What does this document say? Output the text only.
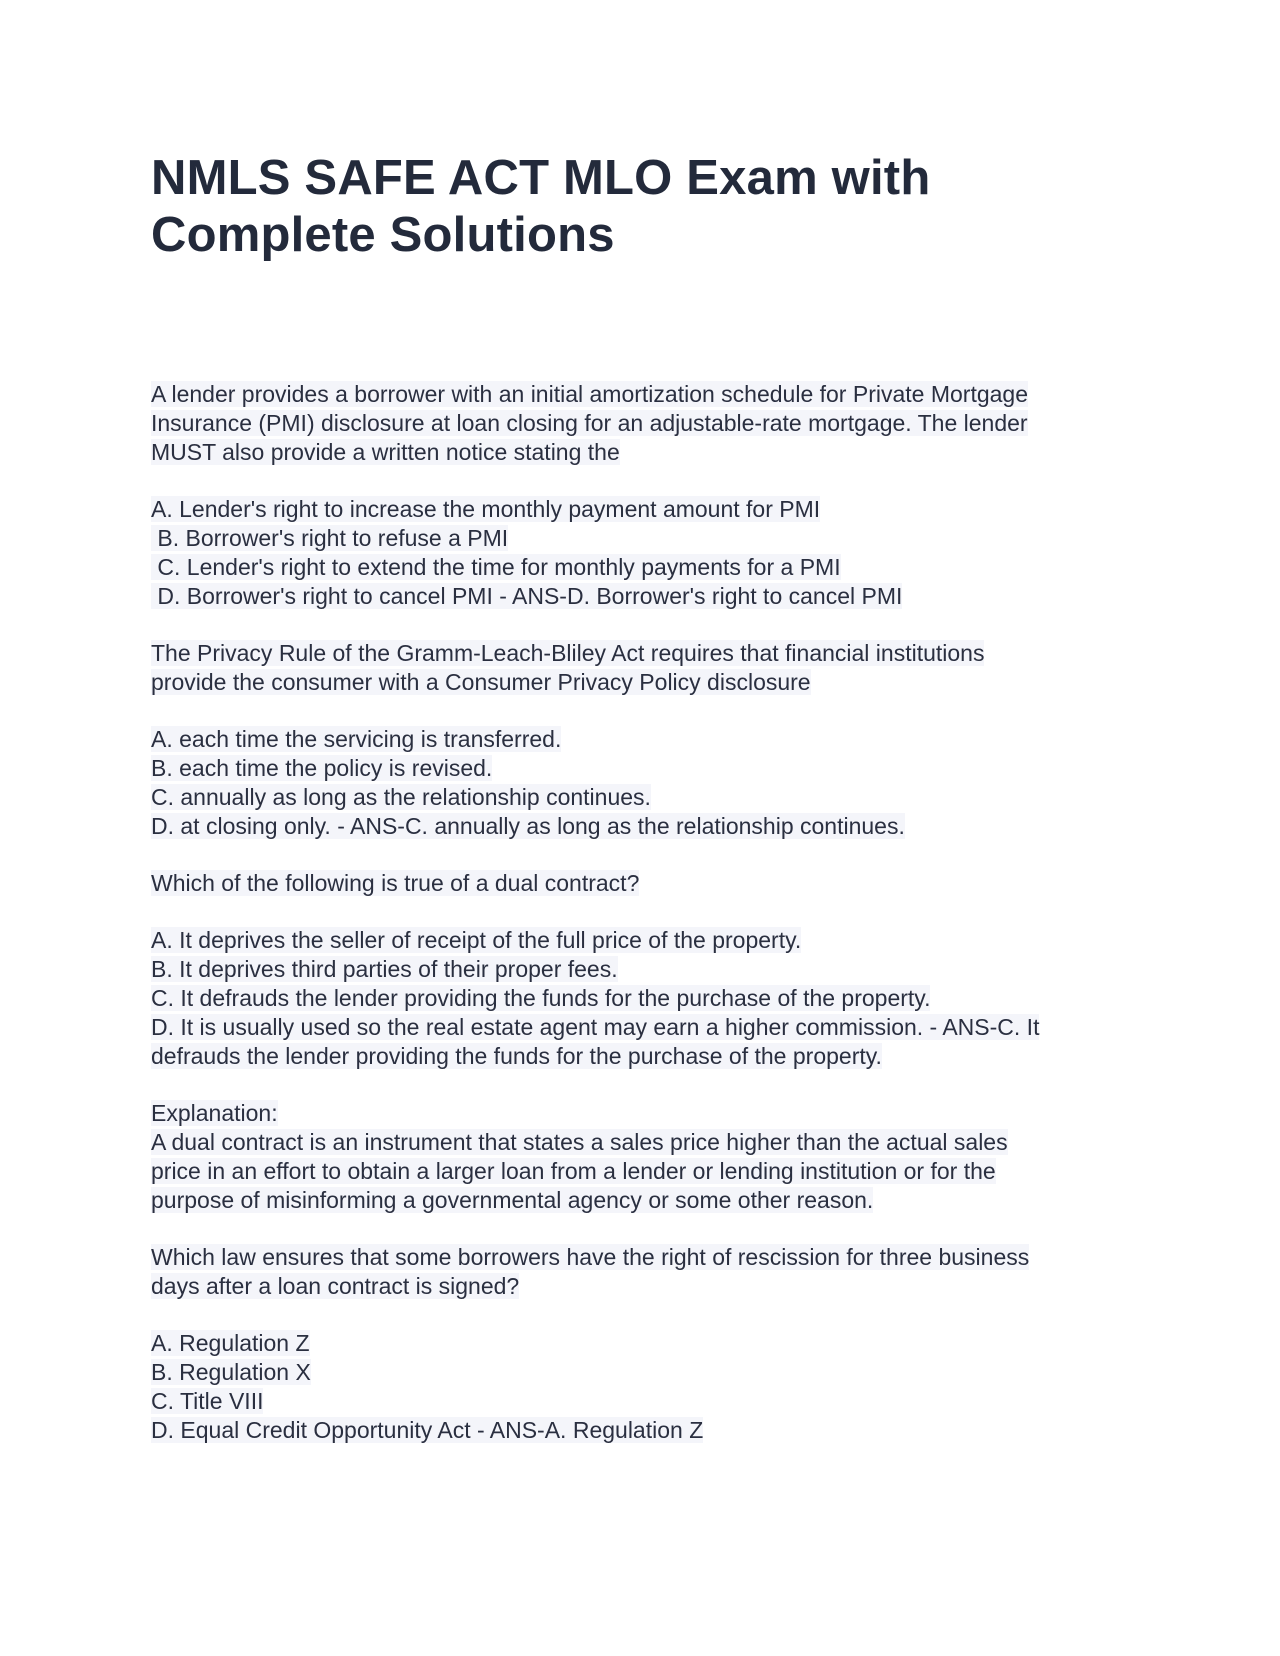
NMLS SAFE ACT MLO Exam with
Complete Solutions
A lender provides a borrower with an initial amortization schedule for Private Mortgage
Insurance (PMI) disclosure at loan closing for an adjustable-rate mortgage. The lender
MUST also provide a written notice stating the
A. Lender's right to increase the monthly payment amount for PMI
B. Borrower's right to refuse a PMI
C. Lender's right to extend the time for monthly payments for a PMI
D. Borrower's right to cancel PMI - ANS-D. Borrower's right to cancel PMI
The Privacy Rule of the Gramm-Leach-Bliley Act requires that financial institutions
provide the consumer with a Consumer Privacy Policy disclosure
A. each time the servicing is transferred.
B. each time the policy is revised.
C. annually as long as the relationship continues.
D. at closing only. - ANS-C. annually as long as the relationship continues.
Which of the following is true of a dual contract?
A. It deprives the seller of receipt of the full price of the property.
B. It deprives third parties of their proper fees.
C. It defrauds the lender providing the funds for the purchase of the property.
D. It is usually used so the real estate agent may earn a higher commission. - ANS-C. It
defrauds the lender providing the funds for the purchase of the property.
Explanation:
A dual contract is an instrument that states a sales price higher than the actual sales
price in an effort to obtain a larger loan from a lender or lending institution or for the
purpose of misinforming a governmental agency or some other reason.
Which law ensures that some borrowers have the right of rescission for three business
days after a loan contract is signed?
A. Regulation Z
B. Regulation X
C. Title VIII
D. Equal Credit Opportunity Act - ANS-A. Regulation Z
